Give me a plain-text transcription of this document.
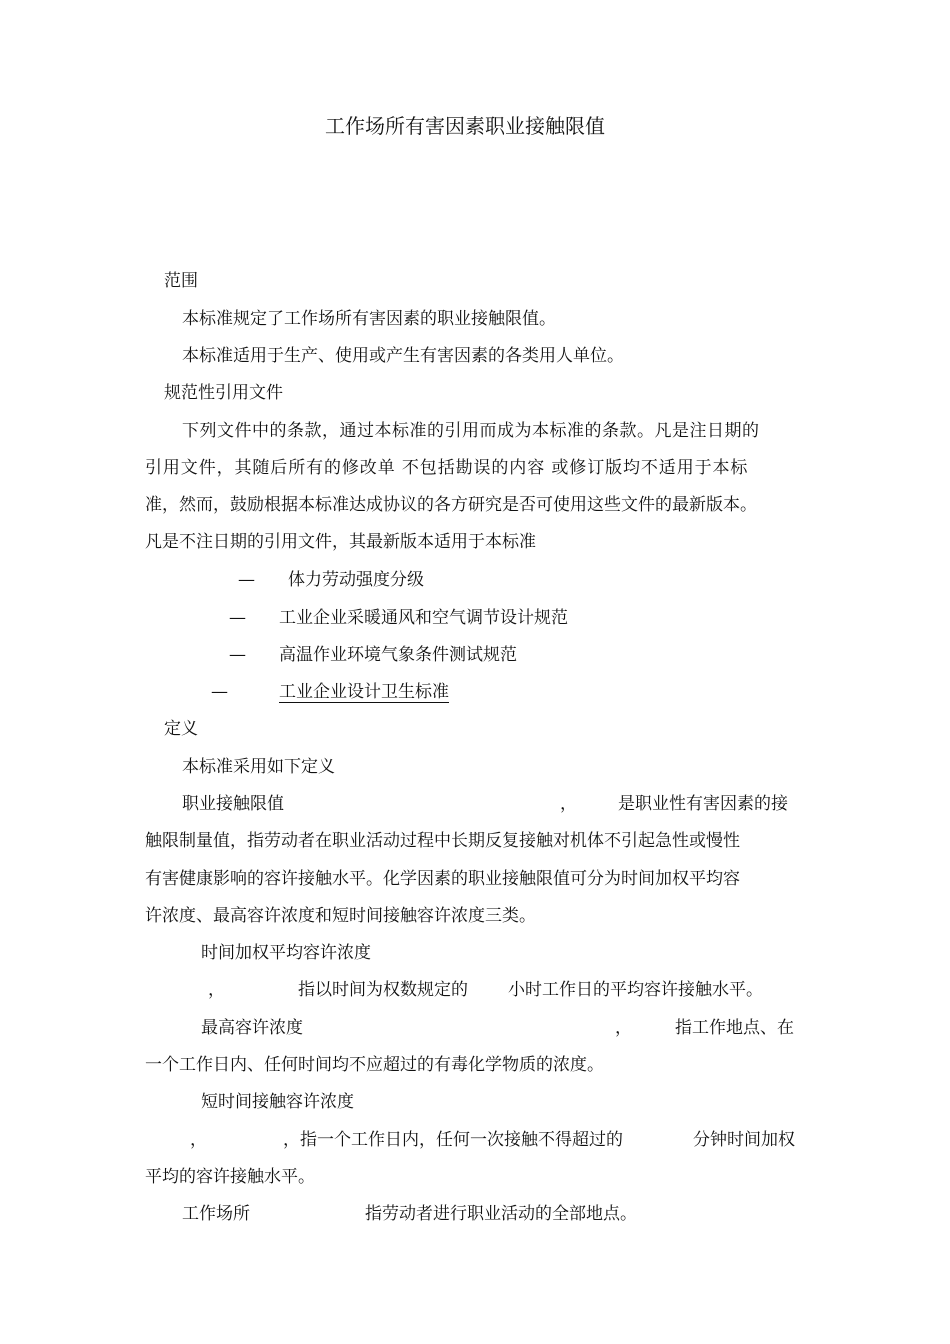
工作场所有害因素职业接触限值
范围
本标准规定了工作场所有害因素的职业接触限值。
本标准适用于生产、使用或产生有害因素的各类用人单位。
规范性引用文件
下列文件中的条款，通过本标准的引用而成为本标准的条款。凡是注日期的
引用文件，其随后所有的修改单 不包括勘误的内容 或修订版均不适用于本标
准，然而，鼓励根据本标准达成协议的各方研究是否可使用这些文件的最新版本。
凡是不注日期的引用文件，其最新版本适用于本标准
— 体力劳动强度分级
— 工业企业采暖通风和空气调节设计规范
— 高温作业环境气象条件测试规范
—	工业企业设计卫生标准
定义
本标准采用如下定义
职业接触限值	， 是职业性有害因素的接
触限制量值，指劳动者在职业活动过程中长期反复接触对机体不引起急性或慢性
有害健康影响的容许接触水平。化学因素的职业接触限值可分为时间加权平均容
许浓度、最高容许浓度和短时间接触容许浓度三类。
时间加权平均容许浓度
，	指以时间为权数规定的 小时工作日的平均容许接触水平。
最高容许浓度	，	指工作地点、在
一个工作日内、任何时间均不应超过的有毒化学物质的浓度。
短时间接触容许浓度
，	，指一个工作日内，任何一次接触不得超过的	分钟时间加权
平均的容许接触水平。
工作场所	指劳动者进行职业活动的全部地点。
